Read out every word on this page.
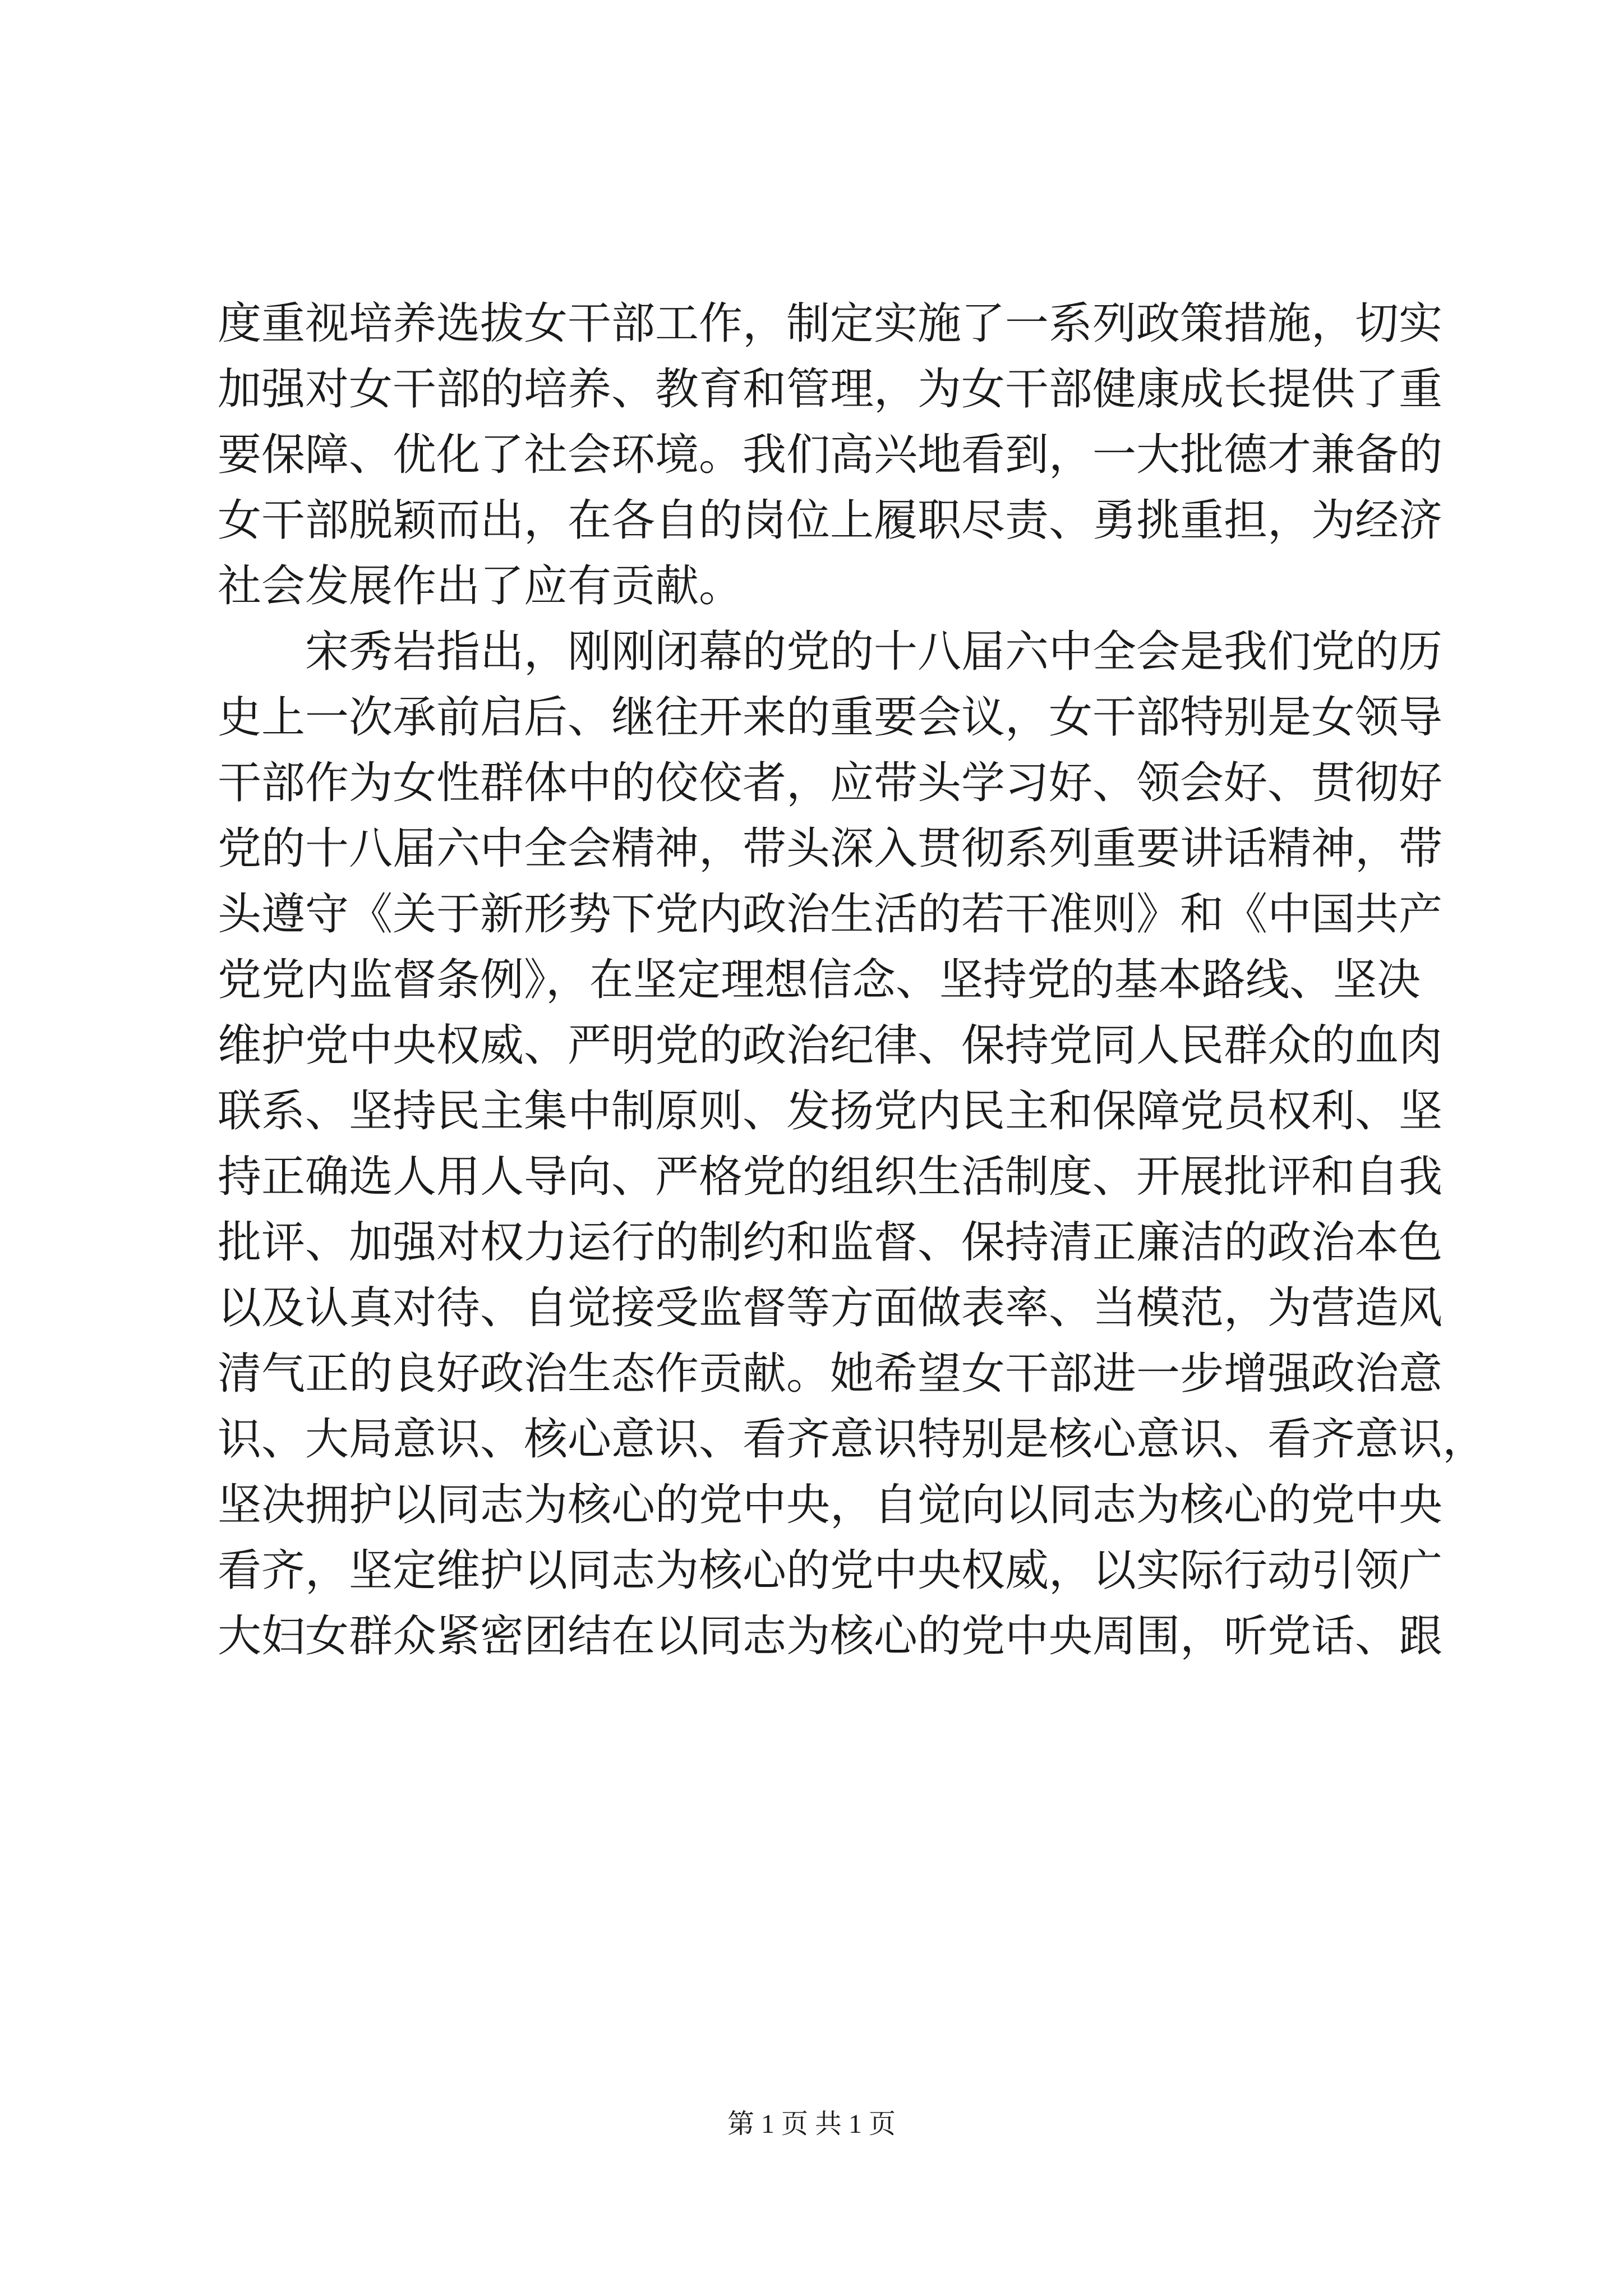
度重视培养选拔女干部工作，制定实施了一系列政策措施，切实
加强对女干部的培养、教育和管理，为女干部健康成长提供了重
要保障、优化了社会环境。我们高兴地看到，一大批德才兼备的
女干部脱颖而出，在各自的岗位上履职尽责、勇挑重担，为经济
社会发展作出了应有贡献。
宋秀岩指出，刚刚闭幕的党的十八届六中全会是我们党的历
史上一次承前启后、继往开来的重要会议，女干部特别是女领导
干部作为女性群体中的佼佼者，应带头学习好、领会好、贯彻好
党的十八届六中全会精神，带头深入贯彻系列重要讲话精神，带
头遵守《关于新形势下党内政治生活的若干准则》和《中国共产
党党内监督条例》，在坚定理想信念、坚持党的基本路线、坚决
维护党中央权威、严明党的政治纪律、保持党同人民群众的血肉
联系、坚持民主集中制原则、发扬党内民主和保障党员权利、坚
持正确选人用人导向、严格党的组织生活制度、开展批评和自我
批评、加强对权力运行的制约和监督、保持清正廉洁的政治本色
以及认真对待、自觉接受监督等方面做表率、当模范，为营造风
清气正的良好政治生态作贡献。她希望女干部进一步增强政治意
识、大局意识、核心意识、看齐意识特别是核心意识、看齐意识，
坚决拥护以同志为核心的党中央，自觉向以同志为核心的党中央
看齐，坚定维护以同志为核心的党中央权威，以实际行动引领广
大妇女群众紧密团结在以同志为核心的党中央周围，听党话、跟
第 1 页 共 1 页
